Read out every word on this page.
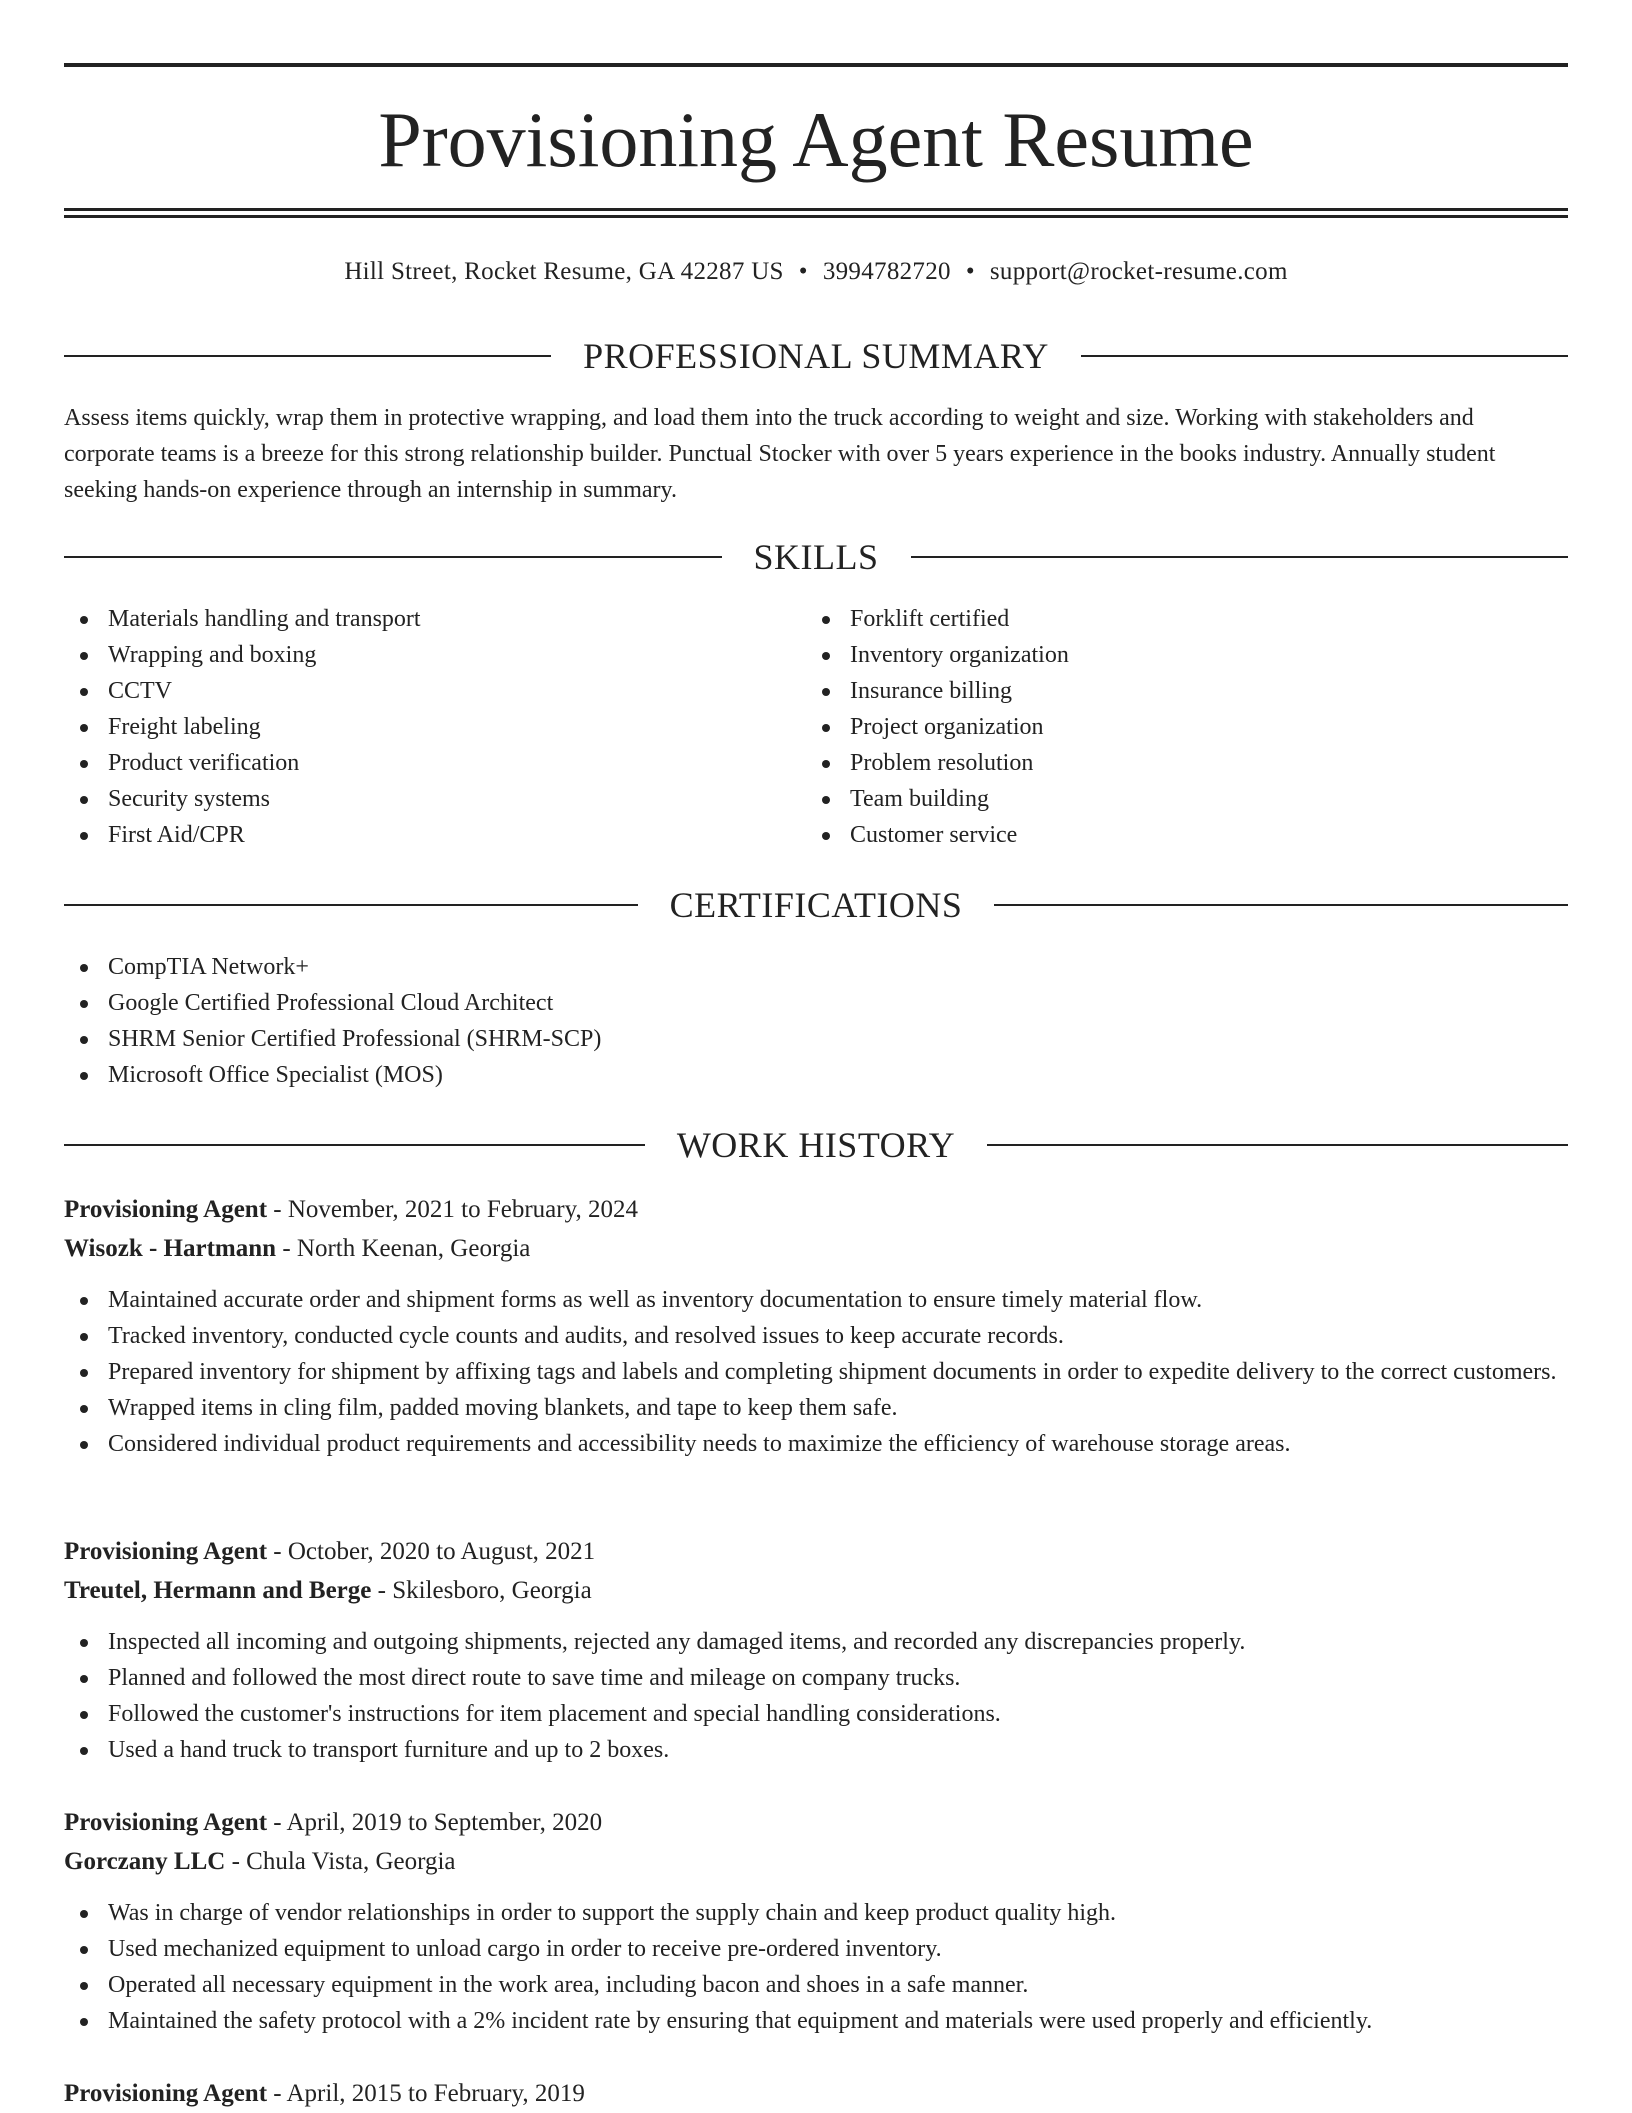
Provisioning Agent Resume
Hill Street, Rocket Resume, GA 42287 US • 3994782720 • support@rocket-resume.com
PROFESSIONAL SUMMARY

Assess items quickly, wrap them in protective wrapping, and load them into the truck according to weight and size. Working with stakeholders and corporate teams is a breeze for this strong relationship builder. Punctual Stocker with over 5 years experience in the books industry. Annually student seeking hands-on experience through an internship in summary.

SKILLS
Materials handling and transport
Wrapping and boxing
CCTV
Freight labeling
Product verification
Security systems
First Aid/CPR
Forklift certified
Inventory organization
Insurance billing
Project organization
Problem resolution
Team building
Customer service
CERTIFICATIONS
CompTIA Network+
Google Certified Professional Cloud Architect
SHRM Senior Certified Professional (SHRM-SCP)
Microsoft Office Specialist (MOS)
WORK HISTORY
Provisioning Agent - November, 2021 to February, 2024
Wisozk - Hartmann - North Keenan, Georgia
Maintained accurate order and shipment forms as well as inventory documentation to ensure timely material flow.
Tracked inventory, conducted cycle counts and audits, and resolved issues to keep accurate records.
Prepared inventory for shipment by affixing tags and labels and completing shipment documents in order to expedite delivery to the correct customers.
Wrapped items in cling film, padded moving blankets, and tape to keep them safe.
Considered individual product requirements and accessibility needs to maximize the efficiency of warehouse storage areas.
Provisioning Agent - October, 2020 to August, 2021
Treutel, Hermann and Berge - Skilesboro, Georgia
Inspected all incoming and outgoing shipments, rejected any damaged items, and recorded any discrepancies properly.
Planned and followed the most direct route to save time and mileage on company trucks.
Followed the customer's instructions for item placement and special handling considerations.
Used a hand truck to transport furniture and up to 2 boxes.
Provisioning Agent - April, 2019 to September, 2020
Gorczany LLC - Chula Vista, Georgia
Was in charge of vendor relationships in order to support the supply chain and keep product quality high.
Used mechanized equipment to unload cargo in order to receive pre-ordered inventory.
Operated all necessary equipment in the work area, including bacon and shoes in a safe manner.
Maintained the safety protocol with a 2% incident rate by ensuring that equipment and materials were used properly and efficiently.
Provisioning Agent - April, 2015 to February, 2019
